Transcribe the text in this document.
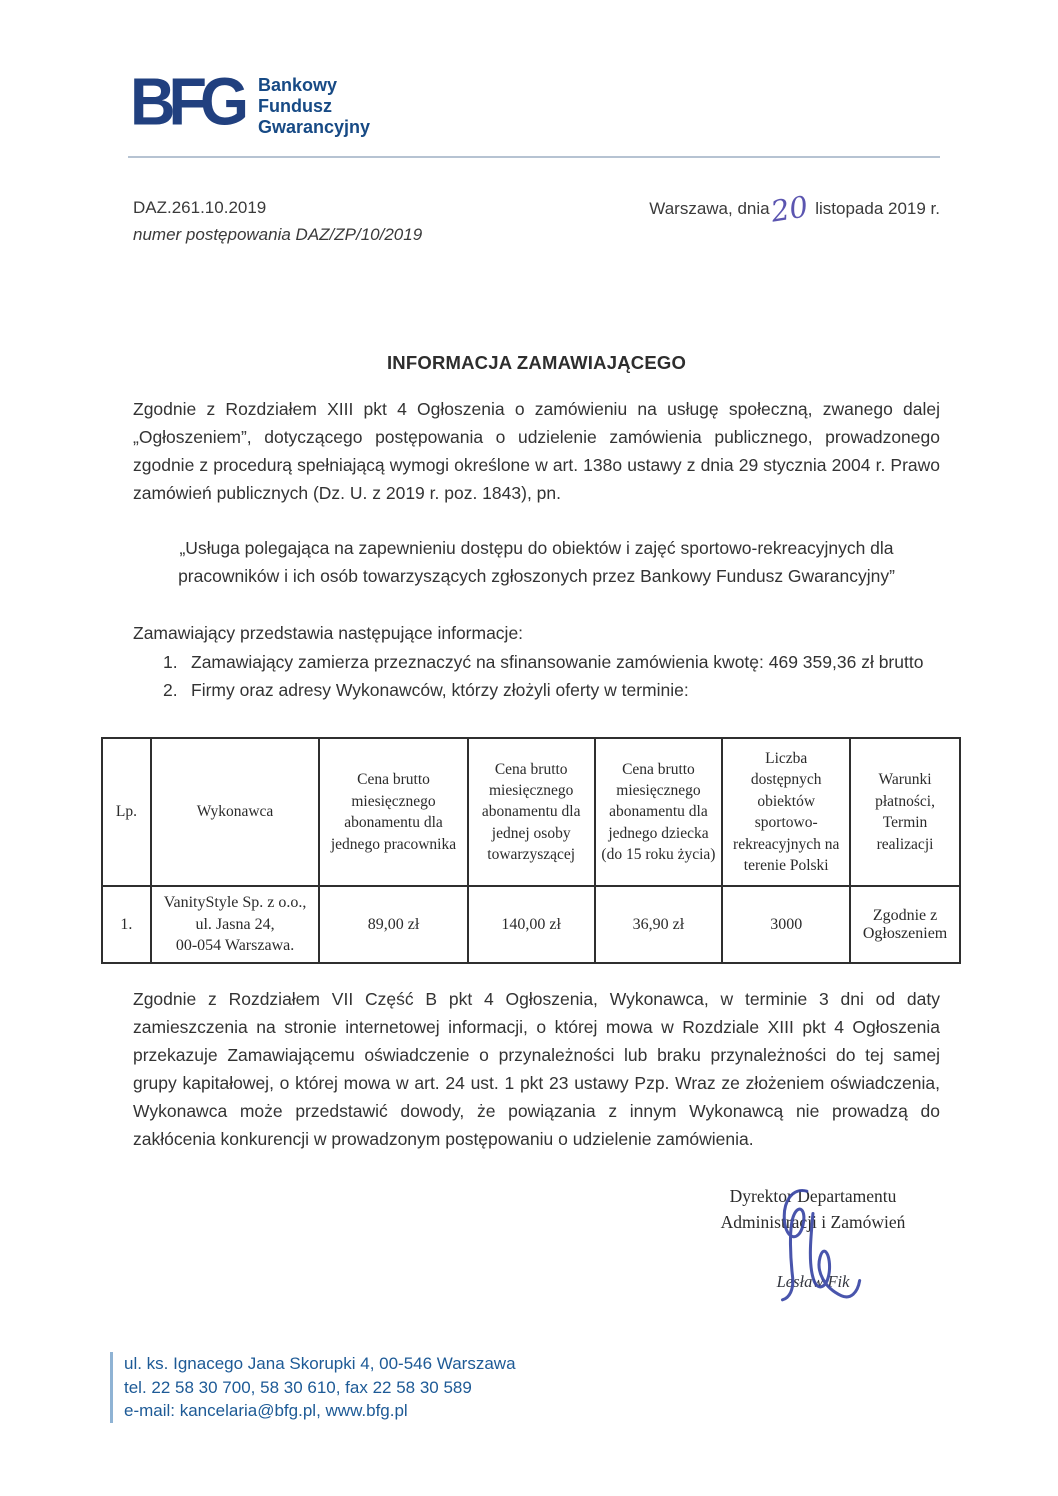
BFG Bankowy
Fundusz
Gwarancyjny
DAZ.261.10.2019
numer postępowania DAZ/ZP/10/2019
Warszawa, dnia20 listopada 2019 r.
INFORMACJA ZAMAWIAJĄCEGO

Zgodnie z Rozdziałem XIII pkt 4 Ogłoszenia o zamówieniu na usługę społeczną, zwanego dalej „Ogłoszeniem”, dotyczącego postępowania o udzielenie zamówienia publicznego, prowadzonego zgodnie z procedurą spełniającą wymogi określone w art. 138o ustawy z dnia 29 stycznia 2004 r. Prawo zamówień publicznych (Dz. U. z 2019 r. poz. 1843), pn.

„Usługa polegająca na zapewnieniu dostępu do obiektów i zajęć sportowo-rekreacyjnych dla pracowników i ich osób towarzyszących zgłoszonych przez Bankowy Fundusz Gwarancyjny”

Zamawiający przedstawia następujące informacje:
1. Zamawiający zamierza przeznaczyć na sfinansowanie zamówienia kwotę: 469 359,36 zł brutto
2. Firmy oraz adresy Wykonawców, którzy złożyli oferty w terminie:
Lp.	Wykonawca	Cena brutto miesięcznego abonamentu dla jednego pracownika	Cena brutto miesięcznego abonamentu dla jednej osoby towarzyszącej	Cena brutto miesięcznego abonamentu dla jednego dziecka (do 15 roku życia)	Liczba dostępnych obiektów sportowo-rekreacyjnych na terenie Polski	Warunki płatności, Termin realizacji
1.	VanityStyle Sp. z o.o.,
ul. Jasna 24,
00-054 Warszawa.	89,00 zł	140,00 zł	36,90 zł	3000	Zgodnie z Ogłoszeniem

Zgodnie z Rozdziałem VII Część B pkt 4 Ogłoszenia, Wykonawca, w terminie 3 dni od daty zamieszczenia na stronie internetowej informacji, o której mowa w Rozdziale XIII pkt 4 Ogłoszenia przekazuje Zamawiającemu oświadczenie o przynależności lub braku przynależności do tej samej grupy kapitałowej, o której mowa w art. 24 ust. 1 pkt 23 ustawy Pzp. Wraz ze złożeniem oświadczenia, Wykonawca może przedstawić dowody, że powiązania z innym Wykonawcą nie prowadzą do zakłócenia konkurencji w prowadzonym postępowaniu o udzielenie zamówienia.

Dyrektor Departamentu
Administracji i Zamówień
Lesław Fik
ul. ks. Ignacego Jana Skorupki 4, 00-546 Warszawa
tel. 22 58 30 700, 58 30 610, fax 22 58 30 589
e-mail: kancelaria@bfg.pl, www.bfg.pl
